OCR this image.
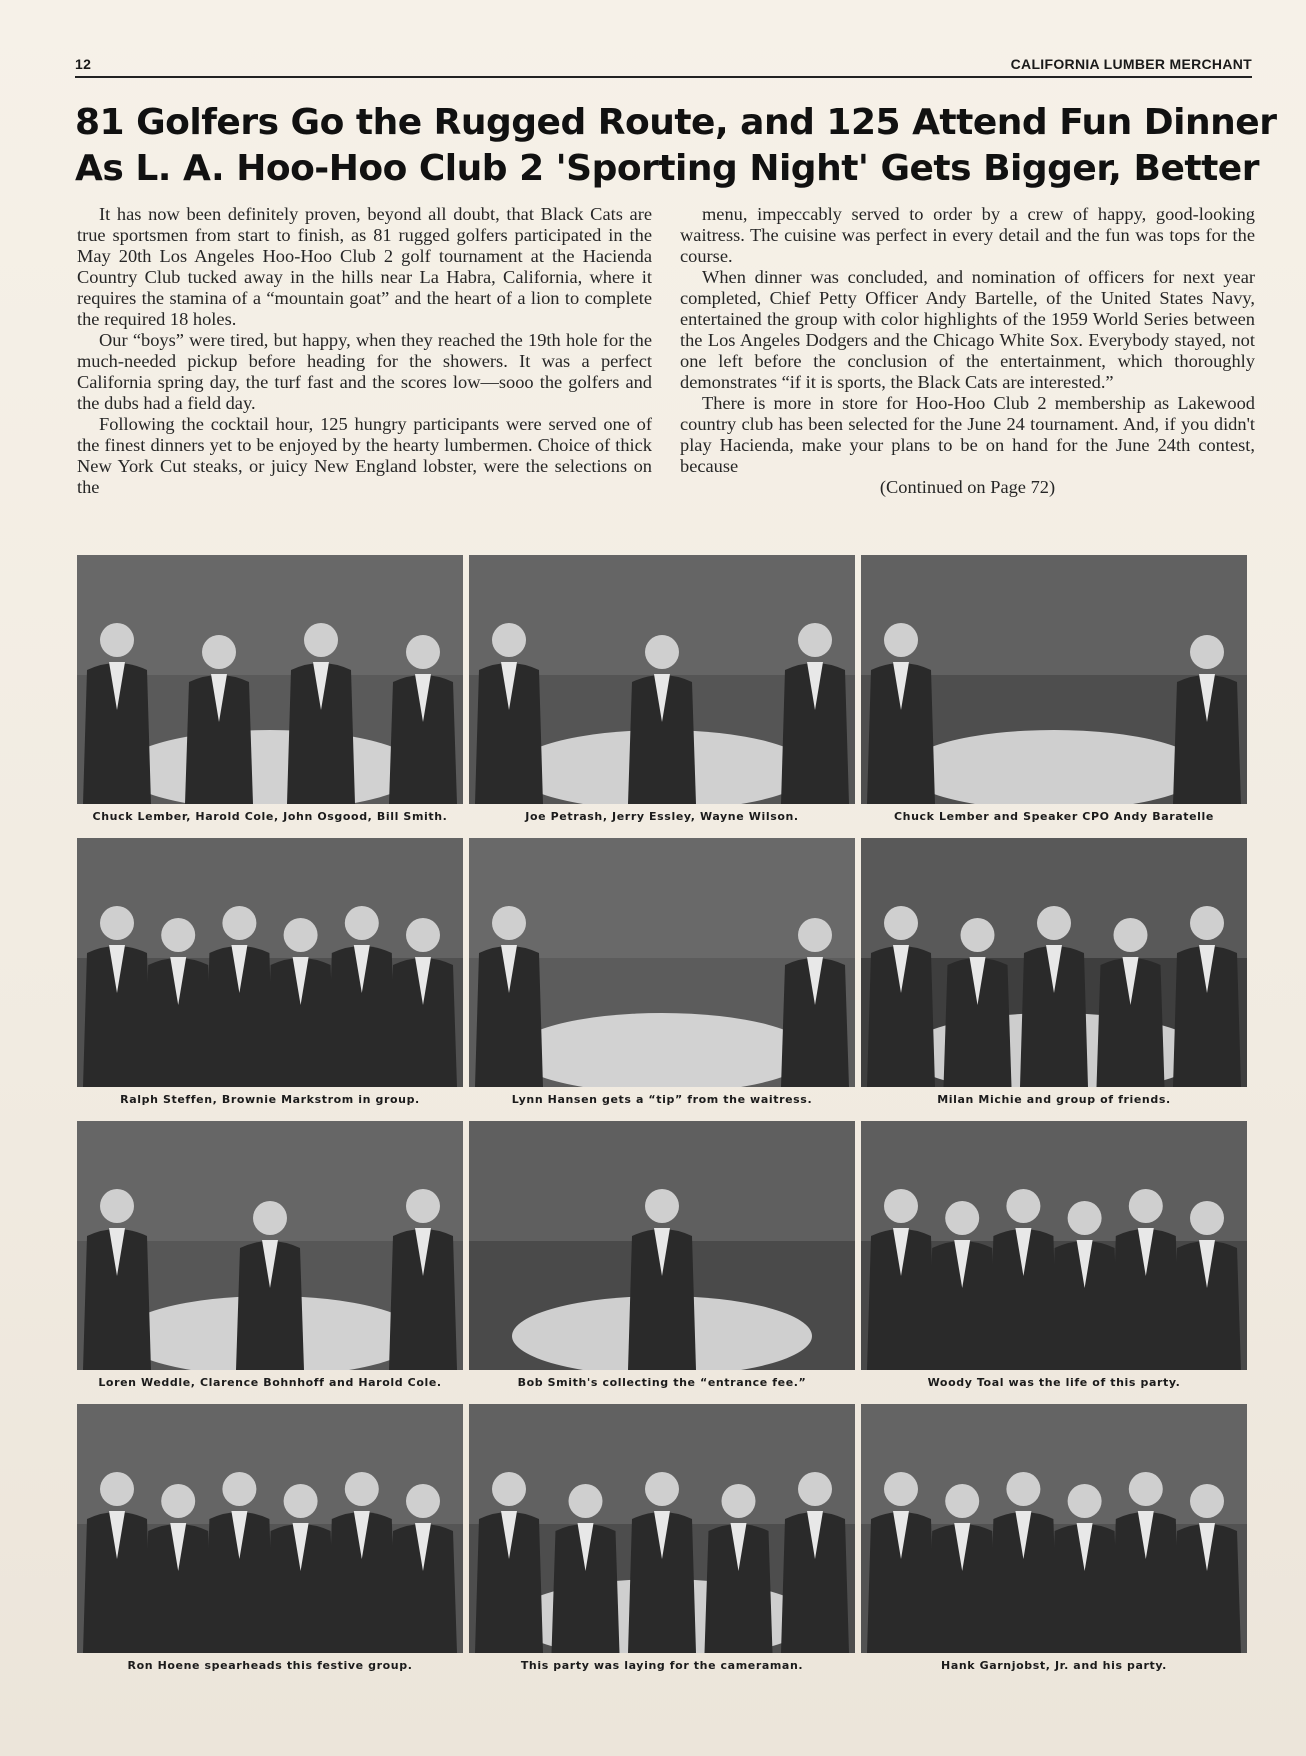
12	CALIFORNIA LUMBER MERCHANT
81 Golfers Go the Rugged Route, and 125 Attend Fun Dinner
As L. A. Hoo-Hoo Club 2 'Sporting Night' Gets Bigger, Better

It has now been definitely proven, beyond all doubt, that Black Cats are true sportsmen from start to finish, as 81 rugged golfers participated in the May 20th Los Angeles Hoo-Hoo Club 2 golf tournament at the Hacienda Country Club tucked away in the hills near La Habra, California, where it requires the stamina of a “mountain goat” and the heart of a lion to complete the required 18 holes.

Our “boys” were tired, but happy, when they reached the 19th hole for the much-needed pickup before heading for the showers. It was a perfect California spring day, the turf fast and the scores low—sooo the golfers and the dubs had a field day.

Following the cocktail hour, 125 hungry participants were served one of the finest dinners yet to be enjoyed by the hearty lumbermen. Choice of thick New York Cut steaks, or juicy New England lobster, were the selections on the

menu, impeccably served to order by a crew of happy, good-looking waitress. The cuisine was perfect in every detail and the fun was tops for the course.

When dinner was concluded, and nomination of officers for next year completed, Chief Petty Officer Andy Bartelle, of the United States Navy, entertained the group with color highlights of the 1959 World Series between the Los Angeles Dodgers and the Chicago White Sox. Everybody stayed, not one left before the conclusion of the entertainment, which thoroughly demonstrates “if it is sports, the Black Cats are interested.”

There is more in store for Hoo-Hoo Club 2 membership as Lakewood country club has been selected for the June 24 tournament. And, if you didn't play Hacienda, make your plans to be on hand for the June 24th contest, because

(Continued on Page 72)

Chuck Lember, Harold Cole, John Osgood, Bill Smith.	Joe Petrash, Jerry Essley, Wayne Wilson.	Chuck Lember and Speaker CPO Andy Baratelle
Ralph Steffen, Brownie Markstrom in group.	Lynn Hansen gets a “tip” from the waitress.	Milan Michie and group of friends.
Loren Weddle, Clarence Bohnhoff and Harold Cole.	Bob Smith's collecting the “entrance fee.”	Woody Toal was the life of this party.
Ron Hoene spearheads this festive group.	This party was laying for the cameraman.	Hank Garnjobst, Jr. and his party.
